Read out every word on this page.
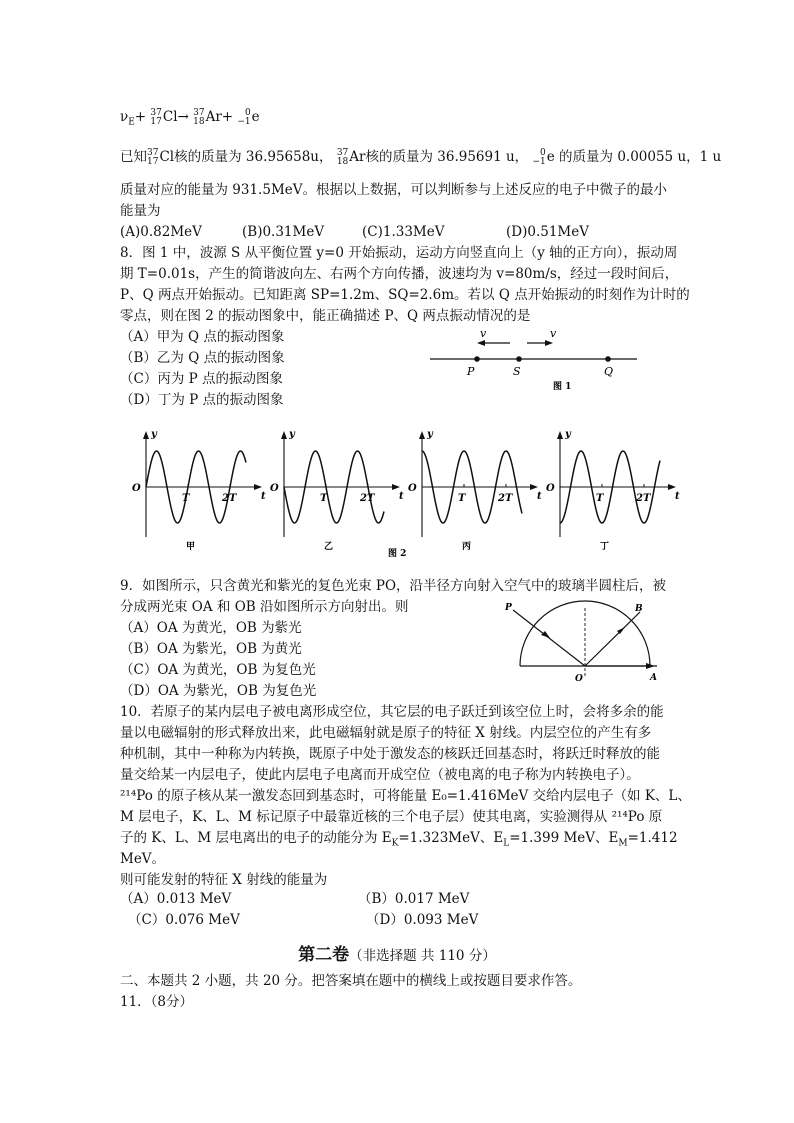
$\nu_E+ 37$
17 Cl→ 37
18 Ar+	0
−1 e
已知 37
17 Cl核的质量为 36.95658u， 37
18 Ar核的质量为 36.95691 u，	0
−1 e 的质量为 0.00055 u，1 u
质量对应的能量为 931.5MeV。根据以上数据，可以判断参与上述反应的电子中微子的最小
能量为
(A)0.82MeV	(B)0.31MeV	(C)1.33MeV	(D)0.51MeV
8．图 1 中，波源 S 从平衡位置 y=0 开始振动，运动方向竖直向上（y 轴的正方向），振动周
期 T=0.01s，产生的简谐波向左、右两个方向传播，波速均为 v=80m/s，经过一段时间后，
P、Q 两点开始振动。已知距离 SP=1.2m、SQ=2.6m。若以 Q 点开始振动的时刻作为计时的
零点，则在图 2 的振动图象中，能正确描述 P、Q 两点振动情况的是
（A）甲为 Q 点的振动图象
（B）乙为 Q 点的振动图象
（C）丙为 P 点的振动图象
（D）丁为 P 点的振动图象
v	v
P	S	Q
图 1
图 2
y
O
T	2T t
甲
y
O
T	2T t
乙
y
O
T	2T t
丙
y
O
T	2T t
丁
9．如图所示，只含黄光和紫光的复色光束 PO，沿半径方向射入空气中的玻璃半圆柱后，被
分成两光束 OA 和 OB 沿如图所示方向射出。则
（A）OA 为黄光，OB 为紫光
（B）OA 为紫光，OB 为黄光
（C）OA 为黄光，OB 为复色光
（D）OA 为紫光，OB 为复色光
P	B
O	A
10．若原子的某内层电子被电离形成空位，其它层的电子跃迁到该空位上时，会将多余的能
量以电磁辐射的形式释放出来，此电磁辐射就是原子的特征 X 射线。内层空位的产生有多
种机制，其中一种称为内转换，既原子中处于激发态的核跃迁回基态时，将跃迁时释放的能
量交给某一内层电子，使此内层电子电离而开成空位（被电离的电子称为内转换电子）。
²¹⁴Po 的原子核从某一激发态回到基态时，可将能量 E₀=1.416MeV 交给内层电子（如 K、L、
M 层电子，K、L、M 标记原子中最靠近核的三个电子层）使其电离，实验测得从 ²¹⁴Po 原
子的 K、L、M 层电离出的电子的动能分为 $E_K=1.323MeV$、$E_L=1.399$ MeV、$E_M=1.412$
MeV。
则可能发射的特征 X 射线的能量为
（A）0.013 MeV	（B）0.017 MeV
（C）0.076 MeV	（D）0.093 MeV
第二卷（非选择题 共 110 分）
二、本题共 2 小题，共 20 分。把答案填在题中的横线上或按题目要求作答。
11．（8分）
